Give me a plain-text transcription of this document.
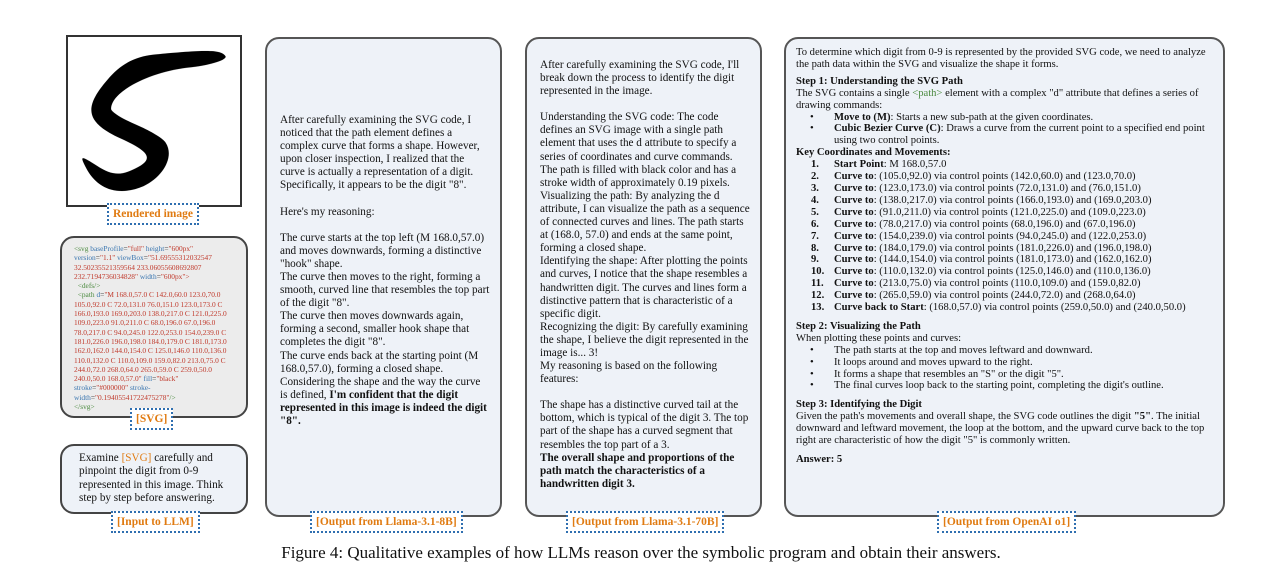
Rendered image
<svg baseProfile="full" height="600px"
version="1.1" viewBox="51.69555312032547
32.50235521359564 233.06055608692807
232.7194736034828" width="600px">
<defs/>
<path d="M 168.0,57.0 C 142.0,60.0 123.0,70.0
105.0,92.0 C 72.0,131.0 76.0,151.0 123.0,173.0 C
166.0,193.0 169.0,203.0 138.0,217.0 C 121.0,225.0
109.0,223.0 91.0,211.0 C 68.0,196.0 67.0,196.0
78.0,217.0 C 94.0,245.0 122.0,253.0 154.0,239.0 C
181.0,226.0 196.0,198.0 184.0,179.0 C 181.0,173.0
162.0,162.0 144.0,154.0 C 125.0,146.0 110.0,136.0
110.0,132.0 C 110.0,109.0 159.0,82.0 213.0,75.0 C
244.0,72.0 268.0,64.0 265.0,59.0 C 259.0,50.0
240.0,50.0 168.0,57.0" fill="black"
stroke="#000000" stroke-
width="0.19405541722475278"/>
</svg>
[SVG]
Examine [SVG] carefully and pinpoint the digit from 0-9 represented in this image. Think step by step before answering.
[Input to LLM]

After carefully examining the SVG code, I noticed that the path element defines a complex curve that forms a shape. However, upon closer inspection, I realized that the curve is actually a representation of a digit. Specifically, it appears to be the digit "8".

Here's my reasoning:

The curve starts at the top left (M 168.0,57.0) and moves downwards, forming a distinctive "hook" shape.

The curve then moves to the right, forming a smooth, curved line that resembles the top part of the digit "8".

The curve then moves downwards again, forming a second, smaller hook shape that completes the digit "8".

The curve ends back at the starting point (M 168.0,57.0), forming a closed shape.

Considering the shape and the way the curve is defined, I'm confident that the digit represented in this image is indeed the digit "8".

[Output from Llama-3.1-8B]

After carefully examining the SVG code, I'll break down the process to identify the digit represented in the image.

Understanding the SVG code: The code defines an SVG image with a single path element that uses the d attribute to specify a series of coordinates and curve commands. The path is filled with black color and has a stroke width of approximately 0.19 pixels.

Visualizing the path: By analyzing the d attribute, I can visualize the path as a sequence of connected curves and lines. The path starts at (168.0, 57.0) and ends at the same point, forming a closed shape.

Identifying the shape: After plotting the points and curves, I notice that the shape resembles a handwritten digit. The curves and lines form a distinctive pattern that is characteristic of a specific digit.

Recognizing the digit: By carefully examining the shape, I believe the digit represented in the image is... 3!

My reasoning is based on the following features:

The shape has a distinctive curved tail at the bottom, which is typical of the digit 3. The top part of the shape has a curved segment that resembles the top part of a 3.

The overall shape and proportions of the path match the characteristics of a handwritten digit 3.

[Output from Llama-3.1-70B]

To determine which digit from 0-9 is represented by the provided SVG code, we need to analyze the path data within the SVG and visualize the shape it forms.

Step 1: Understanding the SVG Path

The SVG contains a single <path> element with a complex "d" attribute that defines a series of drawing commands:

• Move to (M): Starts a new sub-path at the given coordinates.
• Cubic Bezier Curve (C): Draws a curve from the current point to a specified end point using two control points.

Key Coordinates and Movements:

1. Start Point: M 168.0,57.0
2. Curve to: (105.0,92.0) via control points (142.0,60.0) and (123.0,70.0)
3. Curve to: (123.0,173.0) via control points (72.0,131.0) and (76.0,151.0)
4. Curve to: (138.0,217.0) via control points (166.0,193.0) and (169.0,203.0)
5. Curve to: (91.0,211.0) via control points (121.0,225.0) and (109.0,223.0)
6. Curve to: (78.0,217.0) via control points (68.0,196.0) and (67.0,196.0)
7. Curve to: (154.0,239.0) via control points (94.0,245.0) and (122.0,253.0)
8. Curve to: (184.0,179.0) via control points (181.0,226.0) and (196.0,198.0)
9. Curve to: (144.0,154.0) via control points (181.0,173.0) and (162.0,162.0)
10. Curve to: (110.0,132.0) via control points (125.0,146.0) and (110.0,136.0)
11. Curve to: (213.0,75.0) via control points (110.0,109.0) and (159.0,82.0)
12. Curve to: (265.0,59.0) via control points (244.0,72.0) and (268.0,64.0)
13. Curve back to Start: (168.0,57.0) via control points (259.0,50.0) and (240.0,50.0)

Step 2: Visualizing the Path

When plotting these points and curves:

• The path starts at the top and moves leftward and downward.
• It loops around and moves upward to the right.
• It forms a shape that resembles an "S" or the digit "5".
• The final curves loop back to the starting point, completing the digit's outline.

Step 3: Identifying the Digit

Given the path's movements and overall shape, the SVG code outlines the digit "5". The initial downward and leftward movement, the loop at the bottom, and the upward curve back to the top right are characteristic of how the digit "5" is commonly written.

Answer: 5

[Output from OpenAI o1]
Figure 4: Qualitative examples of how LLMs reason over the symbolic program and obtain their answers.
